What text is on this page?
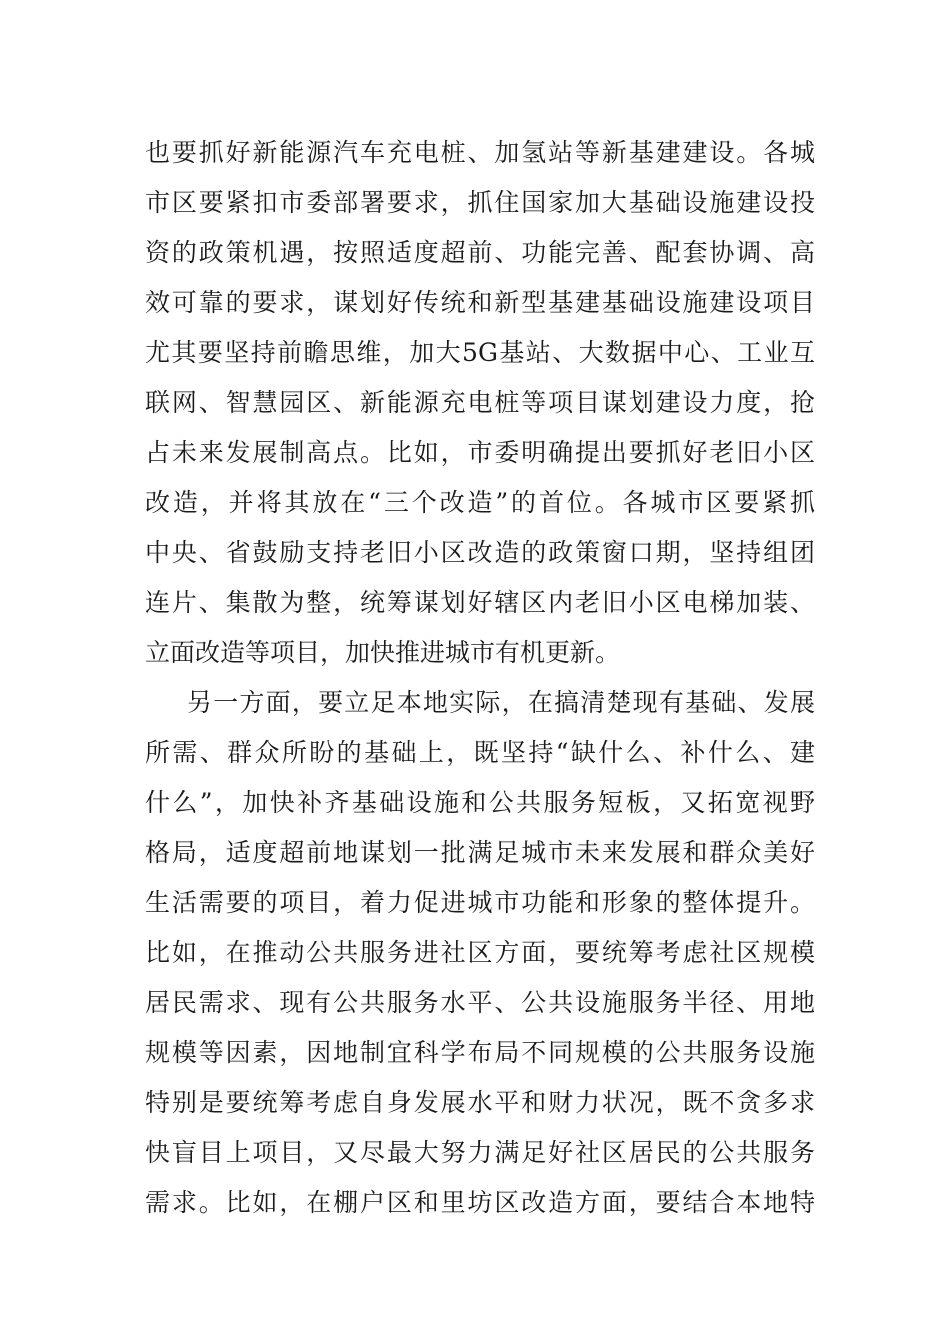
也要抓好新能源汽车充电桩、加氢站等新基建建设。各城
市区要紧扣市委部署要求，抓住国家加大基础设施建设投
资的政策机遇，按照适度超前、功能完善、配套协调、高
效可靠的要求，谋划好传统和新型基建基础设施建设项目
尤其要坚持前瞻思维，加大5G基站、大数据中心、工业互
联网、智慧园区、新能源充电桩等项目谋划建设力度，抢
占未来发展制高点。比如，市委明确提出要抓好老旧小区
改造，并将其放在“三个改造”的首位。各城市区要紧抓
中央、省鼓励支持老旧小区改造的政策窗口期，坚持组团
连片、集散为整，统筹谋划好辖区内老旧小区电梯加装、
立面改造等项目，加快推进城市有机更新。
另一方面，要立足本地实际，在搞清楚现有基础、发展
所需、群众所盼的基础上，既坚持“缺什么、补什么、建
什么”，加快补齐基础设施和公共服务短板，又拓宽视野
格局，适度超前地谋划一批满足城市未来发展和群众美好
生活需要的项目，着力促进城市功能和形象的整体提升。
比如，在推动公共服务进社区方面，要统筹考虑社区规模
居民需求、现有公共服务水平、公共设施服务半径、用地
规模等因素，因地制宜科学布局不同规模的公共服务设施
特别是要统筹考虑自身发展水平和财力状况，既不贪多求
快盲目上项目，又尽最大努力满足好社区居民的公共服务
需求。比如，在棚户区和里坊区改造方面，要结合本地特
